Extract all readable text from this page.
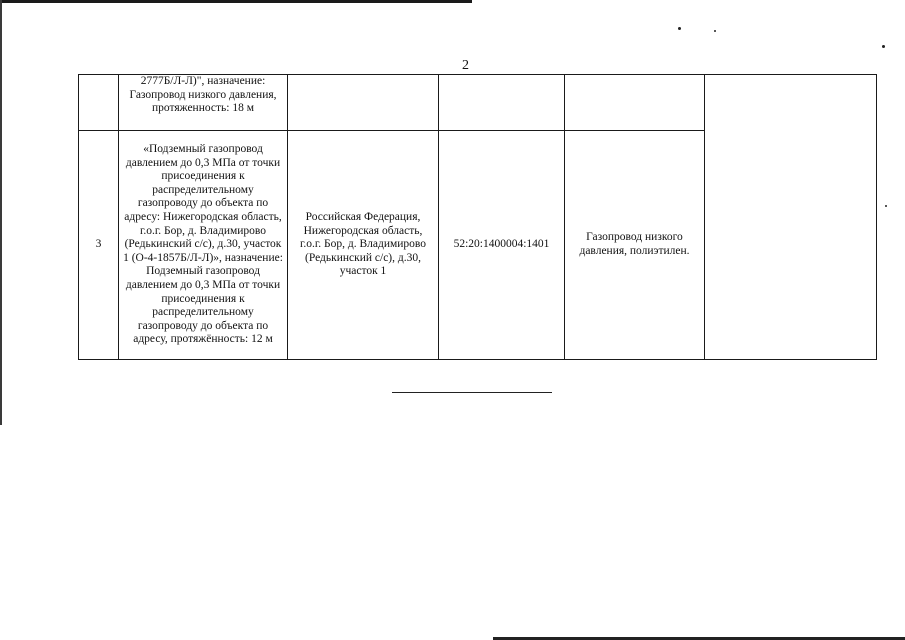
2
	2777Б/Л-Л)", назначение: Газопровод низкого давления, протяженность: 18 м				
3	«Подземный газопровод давлением до 0,3 МПа от точки присоединения к распределительному газопроводу до объекта по адресу: Нижегородская область, г.о.г. Бор, д. Владимирово (Редькинский с/с), д.30, участок 1 (О-4-1857Б/Л-Л)», назначение: Подземный газопровод давлением до 0,3 МПа от точки присоединения к распределительному газопроводу до объекта по адресу, протяжённость: 12 м	Российская Федерация, Нижегородская область, г.о.г. Бор, д. Владимирово (Редькинский с/с), д.30, участок 1	52:20:1400004:1401	Газопровод низкого давления, полиэтилен.	
